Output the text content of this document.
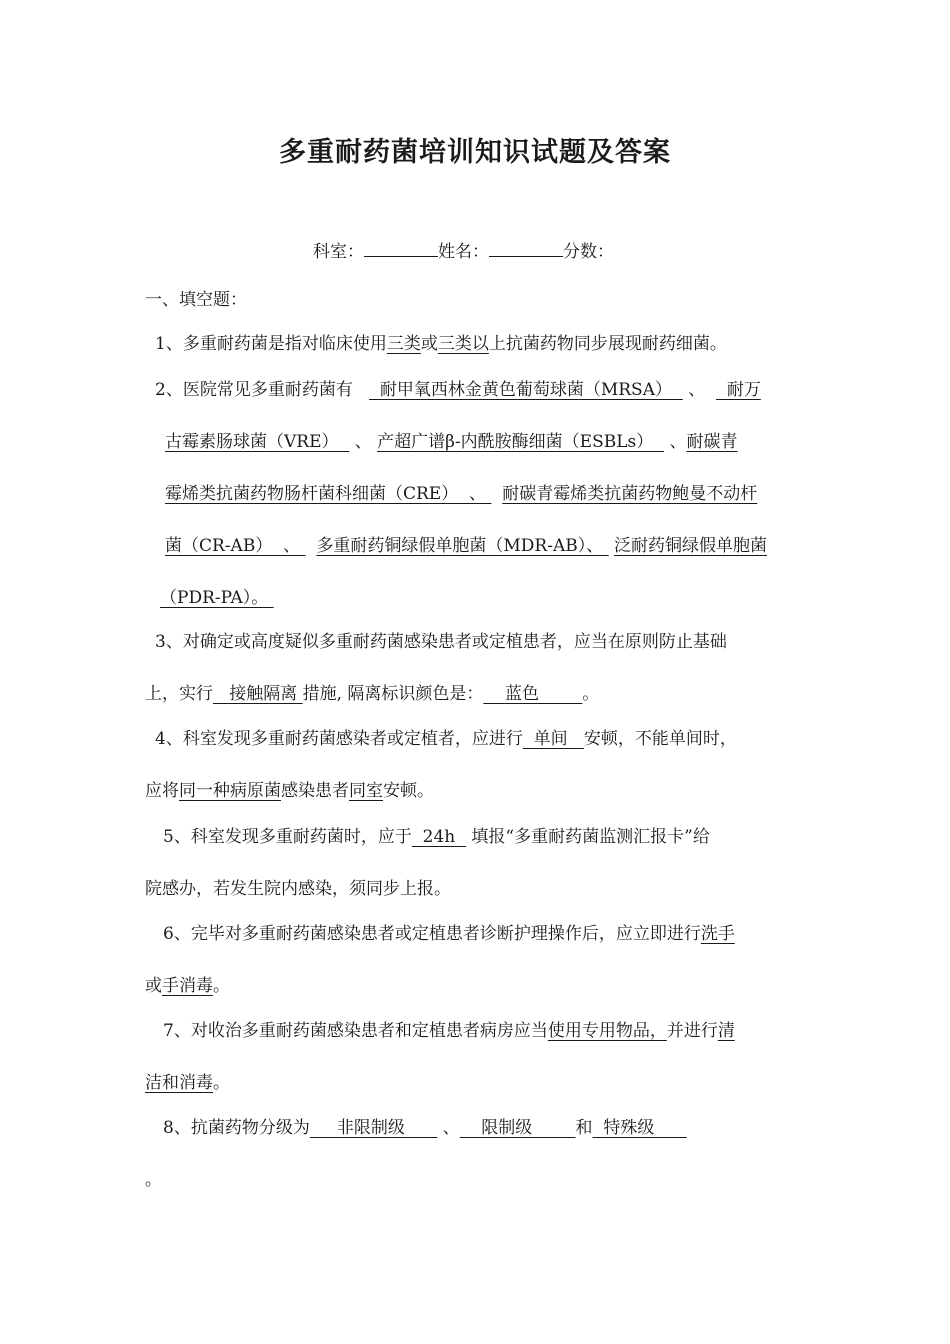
多重耐药菌培训知识试题及答案
科室：	姓名：	分数：
一、填空题：
1、多重耐药菌是指对临床使用三类或三类以上抗菌药物同步展现耐药细菌。
2、医院常见多重耐药菌有     耐甲氧西林金黄色葡萄球菌（MRSA）   、    耐万
古霉素肠球菌（VRE）   、 产超广谱β-内酰胺酶细菌（ESBLs）   、耐碳青
霉烯类抗菌药物肠杆菌科细菌（CRE）  、   耐碳青霉烯类抗菌药物鲍曼不动杆
菌（CR-AB）  、   多重耐药铜绿假单胞菌（MDR-AB）、  泛耐药铜绿假单胞菌
（PDR-PA）。
3、对确定或高度疑似多重耐药菌感染患者或定植患者，应当在原则防止基础
上，实行   接触隔离 措施, 隔离标识颜色是：    蓝色        。
4、科室发现多重耐药菌感染者或定植者，应进行  单间   安顿，不能单间时，
应将同一种病原菌感染患者同室安顿。
5、科室发现多重耐药菌时，应于  24h   填报“多重耐药菌监测汇报卡”给
院感办，若发生院内感染，须同步上报。
6、完毕对多重耐药菌感染患者或定植患者诊断护理操作后，应立即进行洗手
或手消毒。
7、对收治多重耐药菌感染患者和定植患者病房应当使用专用物品，并进行清
洁和消毒。
8、抗菌药物分级为     非限制级       、    限制级        和  特殊级
。
